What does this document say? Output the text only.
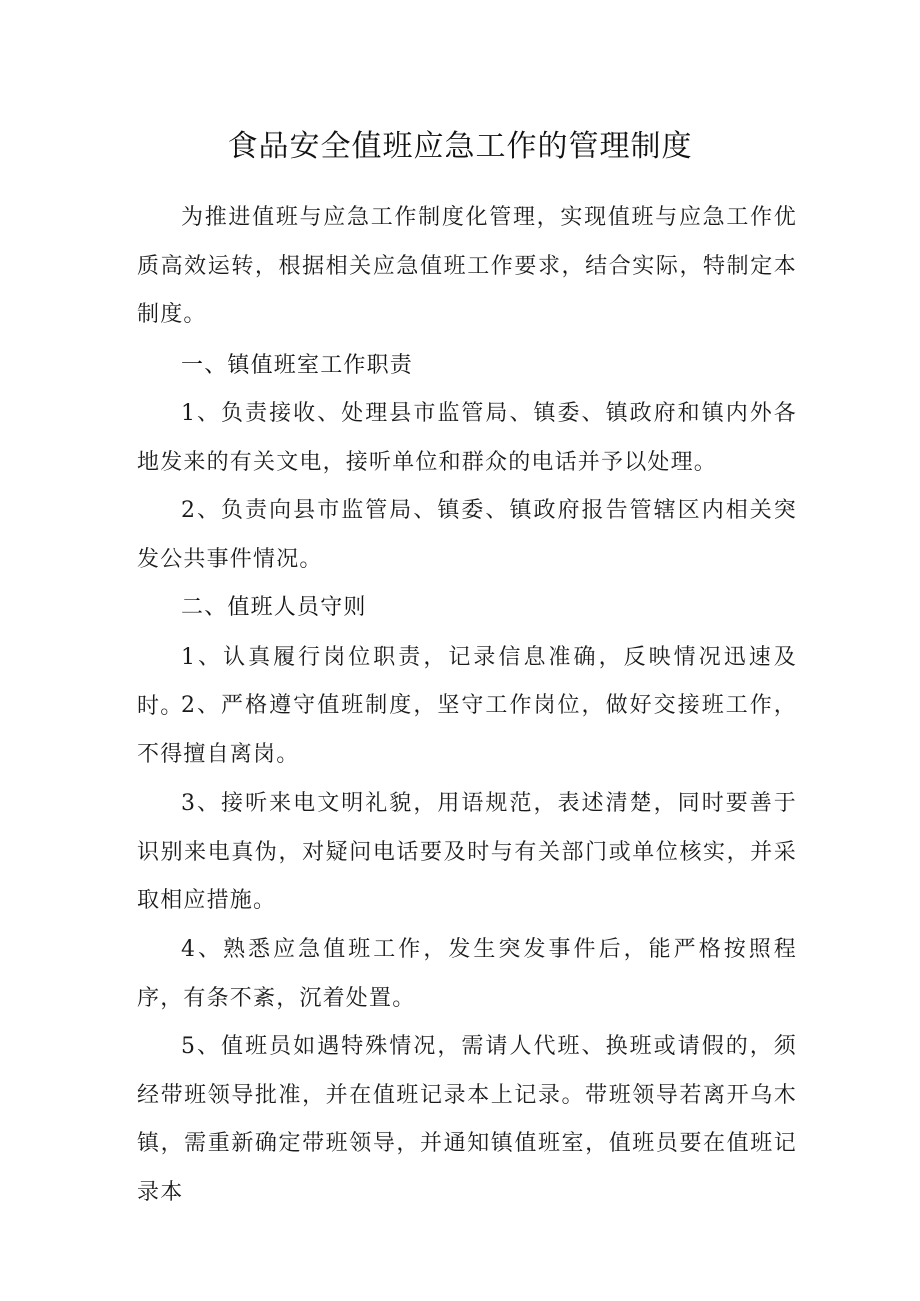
食品安全值班应急工作的管理制度

为推进值班与应急工作制度化管理，实现值班与应急工作优质高效运转，根据相关应急值班工作要求，结合实际，特制定本制度。

一、镇值班室工作职责

1、负责接收、处理县市监管局、镇委、镇政府和镇内外各地发来的有关文电，接听单位和群众的电话并予以处理。

2、负责向县市监管局、镇委、镇政府报告管辖区内相关突发公共事件情况。

二、值班人员守则

1、认真履行岗位职责，记录信息准确，反映情况迅速及时。

2、严格遵守值班制度，坚守工作岗位，做好交接班工作，不得擅自离岗。

3、接听来电文明礼貌，用语规范，表述清楚，同时要善于识别来电真伪，对疑问电话要及时与有关部门或单位核实，并采取相应措施。

4、熟悉应急值班工作，发生突发事件后，能严格按照程序，有条不紊，沉着处置。

5、值班员如遇特殊情况，需请人代班、换班或请假的，须经带班领导批准，并在值班记录本上记录。带班领导若离开乌木镇，需重新确定带班领导，并通知镇值班室，值班员要在值班记录本
